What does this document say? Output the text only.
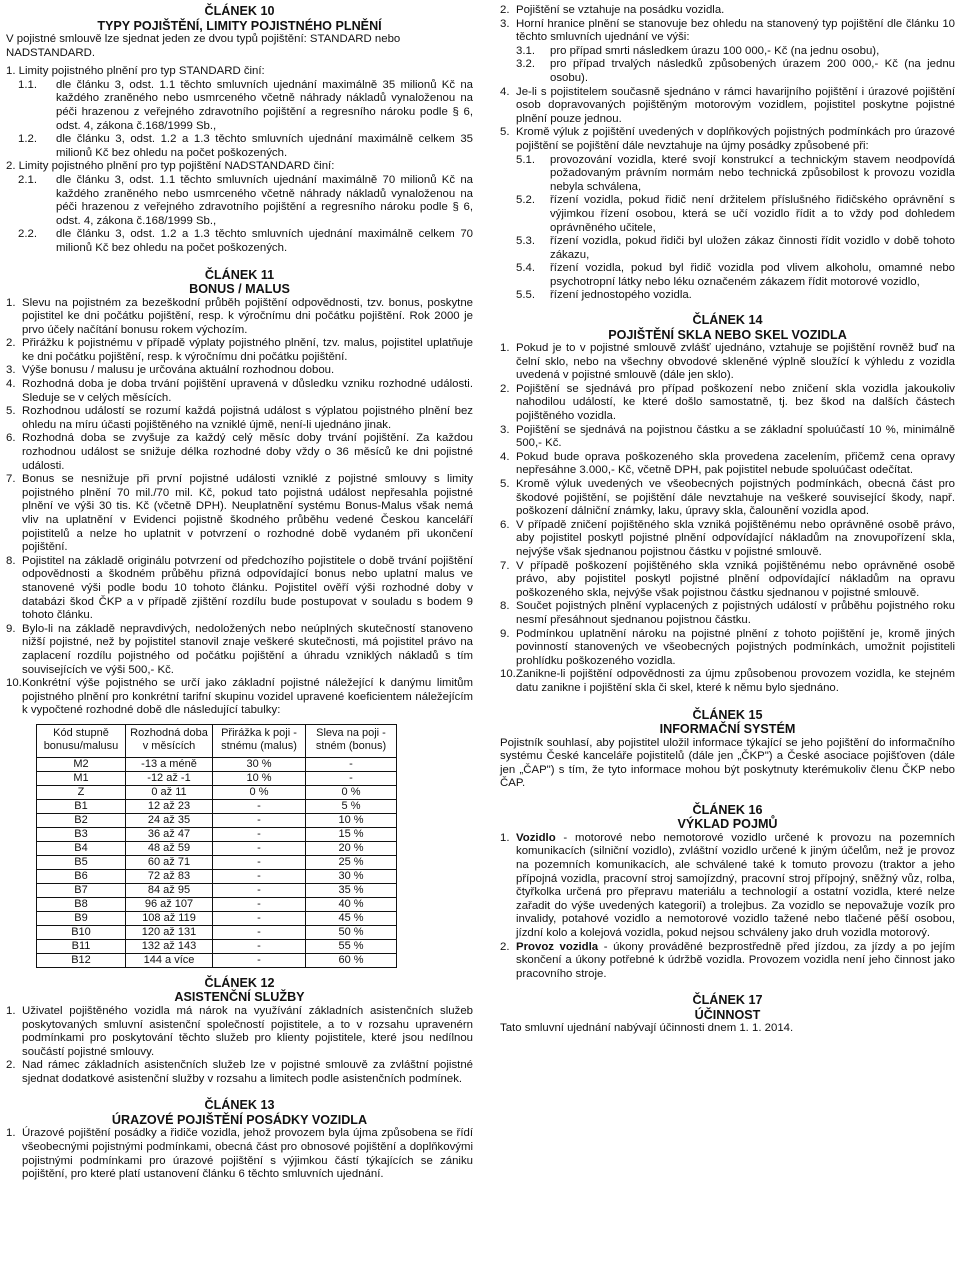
ČLÁNEK 10
TYPY POJIŠTĚNÍ, LIMITY POJISTNÉHO PLNĚNÍ

V pojistné smlouvě lze sjednat jeden ze dvou typů pojištění: STANDARD nebo NADSTANDARD.

1. Limity pojistného plnění pro typ STANDARD činí:

1.1. dle článku 3, odst. 1.1 těchto smluvních ujednání maximálně 35 milionů Kč na každého zraněného nebo usmrceného včetně náhrady nákladů vynaloženou na péči hrazenou z veřejného zdravotního pojištění a regresního nároku podle § 6, odst. 4, zákona č.168/1999 Sb.,
1.2. dle článku 3, odst. 1.2 a 1.3 těchto smluvních ujednání maximálně celkem 35 milionů Kč bez ohledu na počet poškozených.

2. Limity pojistného plnění pro typ pojištění NADSTANDARD činí:

2.1. dle článku 3, odst. 1.1 těchto smluvních ujednání maximálně 70 milionů Kč na každého zraněného nebo usmrceného včetně náhrady nákladů vynaloženou na péči hrazenou z veřejného zdravotního pojištění a regresního nároku podle § 6, odst. 4, zákona č.168/1999 Sb.,
2.2. dle článku 3, odst. 1.2 a 1.3 těchto smluvních ujednání maximálně celkem 70 milionů Kč bez ohledu na počet poškozených.
ČLÁNEK 11
BONUS / MALUS
1. Slevu na pojistném za bezeškodní průběh pojištění odpovědnosti, tzv. bonus, poskytne pojistitel ke dni počátku pojištění, resp. k výročnímu dni počátku pojištění. Rok 2000 je prvo účely načítání bonusu rokem výchozím.
2. Přirážku k pojistnému v případě výplaty pojistného plnění, tzv. malus, pojistitel uplatňuje ke dni počátku pojištění, resp. k výročnímu dni počátku pojištění.
3. Výše bonusu / malusu je určována aktuální rozhodnou dobou.
4. Rozhodná doba je doba trvání pojištění upravená v důsledku vzniku rozhodné události. Sleduje se v celých měsících.
5. Rozhodnou událostí se rozumí každá pojistná událost s výplatou pojistného plnění bez ohledu na míru účasti pojištěného na vzniklé újmě, není-li ujednáno jinak.
6. Rozhodná doba se zvyšuje za každý celý měsíc doby trvání pojištění. Za každou rozhodnou událost se snižuje délka rozhodné doby vždy o 36 měsíců ke dni pojistné události.
7. Bonus se nesnižuje při první pojistné události vzniklé z pojistné smlouvy s limity pojistného plnění 70 mil./70 mil. Kč, pokud tato pojistná událost nepřesahla pojistné plnění ve výši 30 tis. Kč (včetně DPH). Neuplatnění systému Bonus-Malus však nemá vliv na uplatnění v Evidenci pojistně škodného průběhu vedené Českou kanceláří pojistitelů a nelze ho uplatnit v potvrzení o rozhodné době vydaném při ukončení pojištění.
8. Pojistitel na základě originálu potvrzení od předchozího pojistitele o době trvání pojištění odpovědnosti a škodném průběhu přizná odpovídající bonus nebo uplatní malus ve stanovené výši podle bodu 10 tohoto článku. Pojistitel ověří výši rozhodné doby v databázi škod ČKP a v případě zjištění rozdílu bude postupovat v souladu s bodem 9 tohoto článku.
9. Bylo-li na základě nepravdivých, nedoložených nebo neúplných skutečností stanoveno nižší pojistné, než by pojistitel stanovil znaje veškeré skutečnosti, má pojistitel právo na zaplacení rozdílu pojistného od počátku pojištění a úhradu vzniklých nákladů s tím souvisejících ve výši 500,- Kč.
10. Konkrétní výše pojistného se určí jako základní pojistné náležející k danýmu limitům pojistného plnění pro konkrétní tarifní skupinu vozidel upravené koeficientem náležejícím k vypočtené rozhodné době dle následující tabulky:
Kód stupně bonusu/malusu	Rozhodná doba v měsících	Přirážka k poji - stnému (malus)	Sleva na poji - stném (bonus)
M2	-13 a méně	30 %	-
M1	-12 až -1	10 %	-
Z	0 až 11	0 %	0 %
B1	12 až 23	-	5 %
B2	24 až 35	-	10 %
B3	36 až 47	-	15 %
B4	48 až 59	-	20 %
B5	60 až 71	-	25 %
B6	72 až 83	-	30 %
B7	84 až 95	-	35 %
B8	96 až 107	-	40 %
B9	108 až 119	-	45 %
B10	120 až 131	-	50 %
B11	132 až 143	-	55 %
B12	144 a více	-	60 %
ČLÁNEK 12
ASISTENČNÍ SLUŽBY
1. Uživatel pojištěného vozidla má nárok na využívání základních asistenčních služeb poskytovaných smluvní asistenční společností pojistitele, a to v rozsahu upravenérn podmínkami pro poskytování těchto služeb pro klienty pojistitele, které jsou nedílnou součástí pojistné smlouvy.
2. Nad rámec základních asistenčních služeb lze v pojistné smlouvě za zvláštní pojistné sjednat dodatkové asistenční služby v rozsahu a limitech podle asistenčních podmínek.
ČLÁNEK 13
ÚRAZOVÉ POJIŠTĚNÍ POSÁDKY VOZIDLA
1. Úrazové pojištění posádky a řidiče vozidla, jehož provozem byla újma způsobena se řídí všeobecnými pojistnými podmínkami, obecná část pro obnosové pojištění a doplňkovými pojistnými podmínkami pro úrazové pojištění s výjimkou částí týkajících se zániku pojištění, pro které platí ustanovení článku 6 těchto smluvních ujednání.
2. Pojištění se vztahuje na posádku vozidla.
3. Horní hranice plnění se stanovuje bez ohledu na stanovený typ pojištění dle článku 10 těchto smluvních ujednání ve výši:
3.1. pro případ smrti následkem úrazu 100 000,- Kč (na jednu osobu),
3.2. pro případ trvalých následků způsobených úrazem 200 000,- Kč (na jednu osobu).
4. Je-li s pojistitelem současně sjednáno v rámci havarijního pojištění i úrazové pojištění osob dopravovaných pojištěným motorovým vozidlem, pojistitel poskytne pojistné plnění pouze jednou.
5. Kromě výluk z pojištění uvedených v doplňkových pojistných podmínkách pro úrazové pojištění se pojištění dále nevztahuje na újmy posádky způsobené při:
5.1. provozování vozidla, které svojí konstrukcí a technickým stavem neodpovídá požadovaným právním normám nebo technická způsobilost k provozu vozidla nebyla schválena,
5.2. řízení vozidla, pokud řidič není držitelem příslušného řidičského oprávnění s výjimkou řízení osobou, která se učí vozidlo řídit a to vždy pod dohledem oprávněného učitele,
5.3. řízení vozidla, pokud řidiči byl uložen zákaz činnosti řídit vozidlo v době tohoto zákazu,
5.4. řízení vozidla, pokud byl řidič vozidla pod vlivem alkoholu, omamné nebo psychotropní látky nebo léku označeném zákazem řídit motorové vozidlo,
5.5. řízení jednostopého vozidla.
ČLÁNEK 14
POJIŠTĚNÍ SKLA NEBO SKEL VOZIDLA
1. Pokud je to v pojistné smlouvě zvlášť ujednáno, vztahuje se pojištění rovněž buď na čelní sklo, nebo na všechny obvodové skleněné výplně sloužící k výhledu z vozidla uvedená v pojistné smlouvě (dále jen sklo).
2. Pojištění se sjednává pro případ poškození nebo zničení skla vozidla jakoukoliv nahodilou událostí, ke které došlo samostatně, tj. bez škod na dalších částech pojištěného vozidla.
3. Pojištění se sjednává na pojistnou částku a se základní spoluúčastí 10 %, minimálně 500,- Kč.
4. Pokud bude oprava poškozeného skla provedena zacelením, přičemž cena opravy nepřesáhne 3.000,- Kč, včetně DPH, pak pojistitel nebude spoluúčast odečítat.
5. Kromě výluk uvedených ve všeobecných pojistných podmínkách, obecná část pro škodové pojištění, se pojištění dále nevztahuje na veškeré související škody, např. poškození dálniční známky, laku, úpravy skla, čalounění vozidla apod.
6. V případě zničení pojištěného skla vzniká pojištěnému nebo oprávněné osobě právo, aby pojistitel poskytl pojistné plnění odpovídající nákladům na znovupořízení skla, nejvýše však sjednanou pojistnou částku v pojistné smlouvě.
7. V případě poškození pojištěného skla vzniká pojištěnému nebo oprávněné osobě právo, aby pojistitel poskytl pojistné plnění odpovídající nákladům na opravu poškozeného skla, nejvýše však pojistnou částku sjednanou v pojistné smlouvě.
8. Součet pojistných plnění vyplacených z pojistných událostí v průběhu pojistného roku nesmí přesáhnout sjednanou pojistnou částku.
9. Podmínkou uplatnění nároku na pojistné plnění z tohoto pojištění je, kromě jiných povinností stanovených ve všeobecných pojistných podmínkách, umožnit pojistiteli prohlídku poškozeného vozidla.
10. Zanikne-li pojištění odpovědnosti za újmu způsobenou provozem vozidla, ke stejném datu zanikne i pojištění skla či skel, které k němu bylo sjednáno.
ČLÁNEK 15
INFORMAČNÍ SYSTÉM

Pojistník souhlasí, aby pojistitel uložil informace týkající se jeho pojištění do informačního systému České kanceláře pojistitelů (dále jen „ČKP") a České asociace pojišťoven (dále jen „ČAP") s tím, že tyto informace mohou být poskytnuty kterémukoliv členu ČKP nebo ČAP.

ČLÁNEK 16
VÝKLAD POJMŮ
1. Vozidlo - motorové nebo nemotorové vozidlo určené k provozu na pozemních komunikacích (silniční vozidlo), zvláštní vozidlo určené k jiným účelům, než je provoz na pozemních komunikacích, ale schválené také k tomuto provozu (traktor a jeho přípojná vozidla, pracovní stroj samojízdný, pracovní stroj přípojný, sněžný vůz, rolba, čtyřkolka určená pro přepravu materiálu a technologií a ostatní vozidla, které nelze zařadit do výše uvedených kategorií) a trolejbus. Za vozidlo se nepovažuje vozík pro invalidy, potahové vozidlo a nemotorové vozidlo tažené nebo tlačené pěší osobou, jízdní kolo a kolejová vozidla, pokud nejsou schváleny jako druh vozidla motorový.
2. Provoz vozidla - úkony prováděné bezprostředně před jízdou, za jízdy a po jejím skončení a úkony potřebné k údržbě vozidla. Provozem vozidla není jeho činnost jako pracovního stroje.
ČLÁNEK 17
ÚČINNOST

Tato smluvní ujednání nabývají účinnosti dnem 1. 1. 2014.
